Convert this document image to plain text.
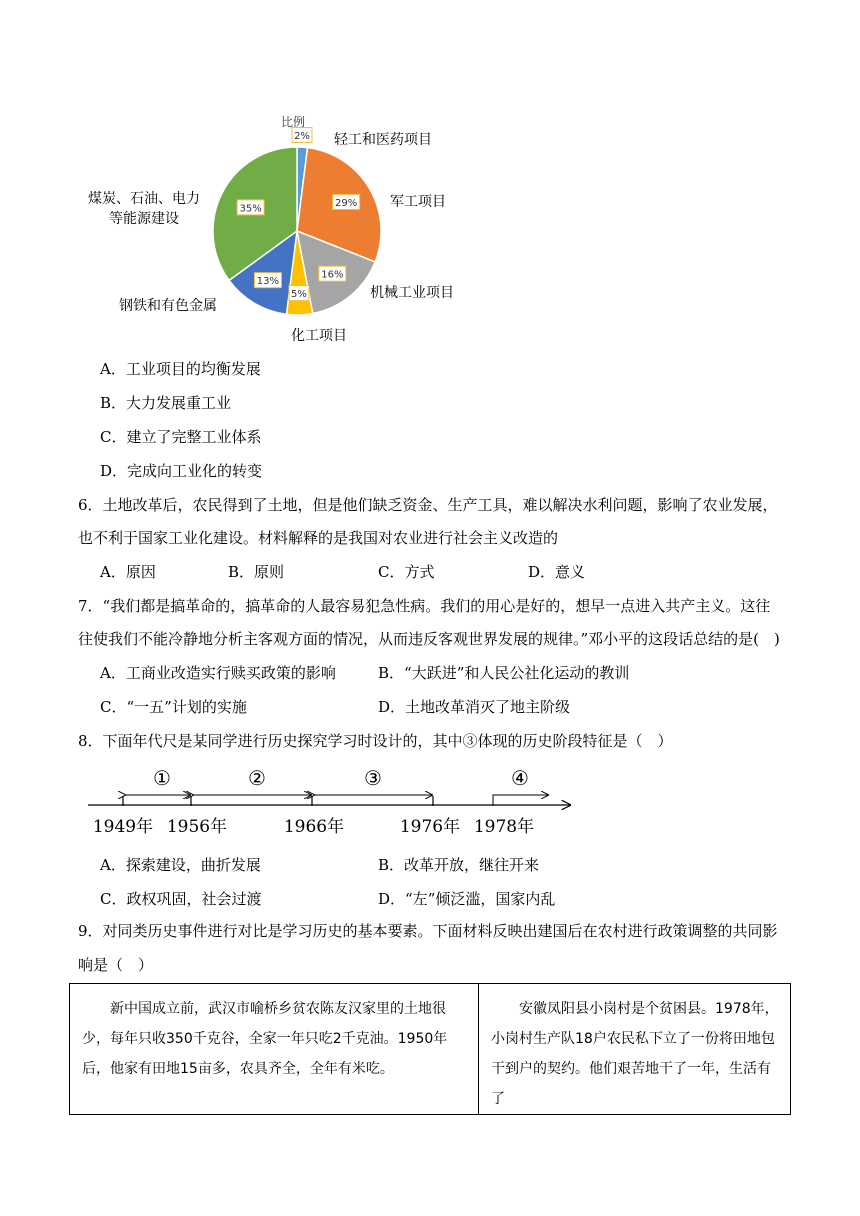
2%
29%
16%
5%
13%
35%
比例
轻工和医药项目
军工项目
机械工业项目
化工项目
钢铁和有色金属
煤炭、石油、电力
等能源建设
A．工业项目的均衡发展
B．大力发展重工业
C．建立了完整工业体系
D．完成向工业化的转变
6．土地改革后，农民得到了土地，但是他们缺乏资金、生产工具，难以解决水利问题，影响了农业发展，
也不利于国家工业化建设。材料解释的是我国对农业进行社会主义改造的
A．原因	B．原则	C．方式	D．意义
7．“我们都是搞革命的，搞革命的人最容易犯急性病。我们的用心是好的，想早一点进入共产主义。这往
往使我们不能冷静地分析主客观方面的情况，从而违反客观世界发展的规律。”邓小平的这段话总结的是(　)
A．工商业改造实行赎买政策的影响	B．“大跃进”和人民公社化运动的教训
C．“一五”计划的实施	D．土地改革消灭了地主阶级
8．下面年代尺是某同学进行历史探究学习时设计的，其中③体现的历史阶段特征是（　）
①	②	③	④
1949年 1956年	1966年	1976年 1978年
A．探索建设，曲折发展	B．改革开放，继往开来
C．政权巩固，社会过渡	D．“左”倾泛滥，国家内乱
9．对同类历史事件进行对比是学习历史的基本要素。下面材料反映出建国后在农村进行政策调整的共同影
响是（　）

新中国成立前，武汉市喻桥乡贫农陈友汉家里的土地很少，每年只收350千克谷，全家一年只吃2千克油。1950年后，他家有田地15亩多，农具齐全，全年有米吃。

安徽凤阳县小岗村是个贫困县。1978年，小岗村生产队18户农民私下立了一份将田地包干到户的契约。他们艰苦地干了一年，生活有了
